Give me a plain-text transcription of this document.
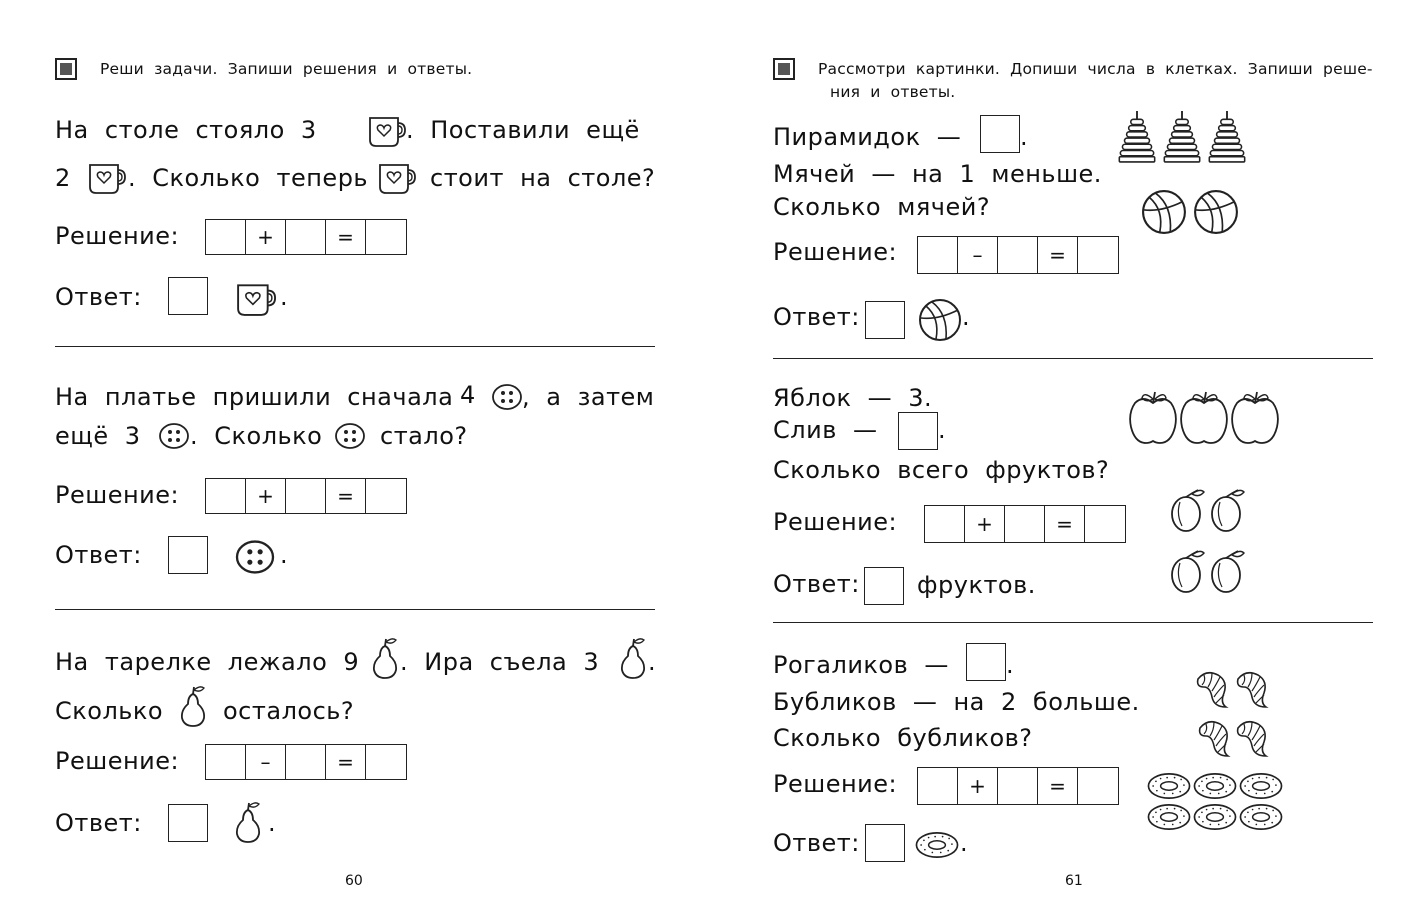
Реши задачи. Запиши решения и ответы.
На столе стояло 3	. Поставили ещё
2 . Сколько теперь	стоит на столе?
Решение:	+	=
Ответ:	.
На платье пришили сначала 4 , а затем
ещё 3 . Сколько стало?
Решение:	+	=
Ответ:	.
На тарелке лежало 9 . Ира съела 3 .
Сколько осталось?
Решение:	–	=
Ответ:	.
60
Рассмотри картинки. Допиши числа в клетках. Запиши реше-
ния и ответы.
Пирамидок — .
Мячей — на 1 меньше.
Сколько мячей?
Решение:	–	=
Ответ:	.
Яблок — 3.
Слив —	.
Сколько всего фруктов?
Решение:	+	=
Ответ: фруктов.
Рогаликов — .
Бубликов — на 2 больше.
Сколько бубликов?
Решение:	+	=
Ответ:	.
61
